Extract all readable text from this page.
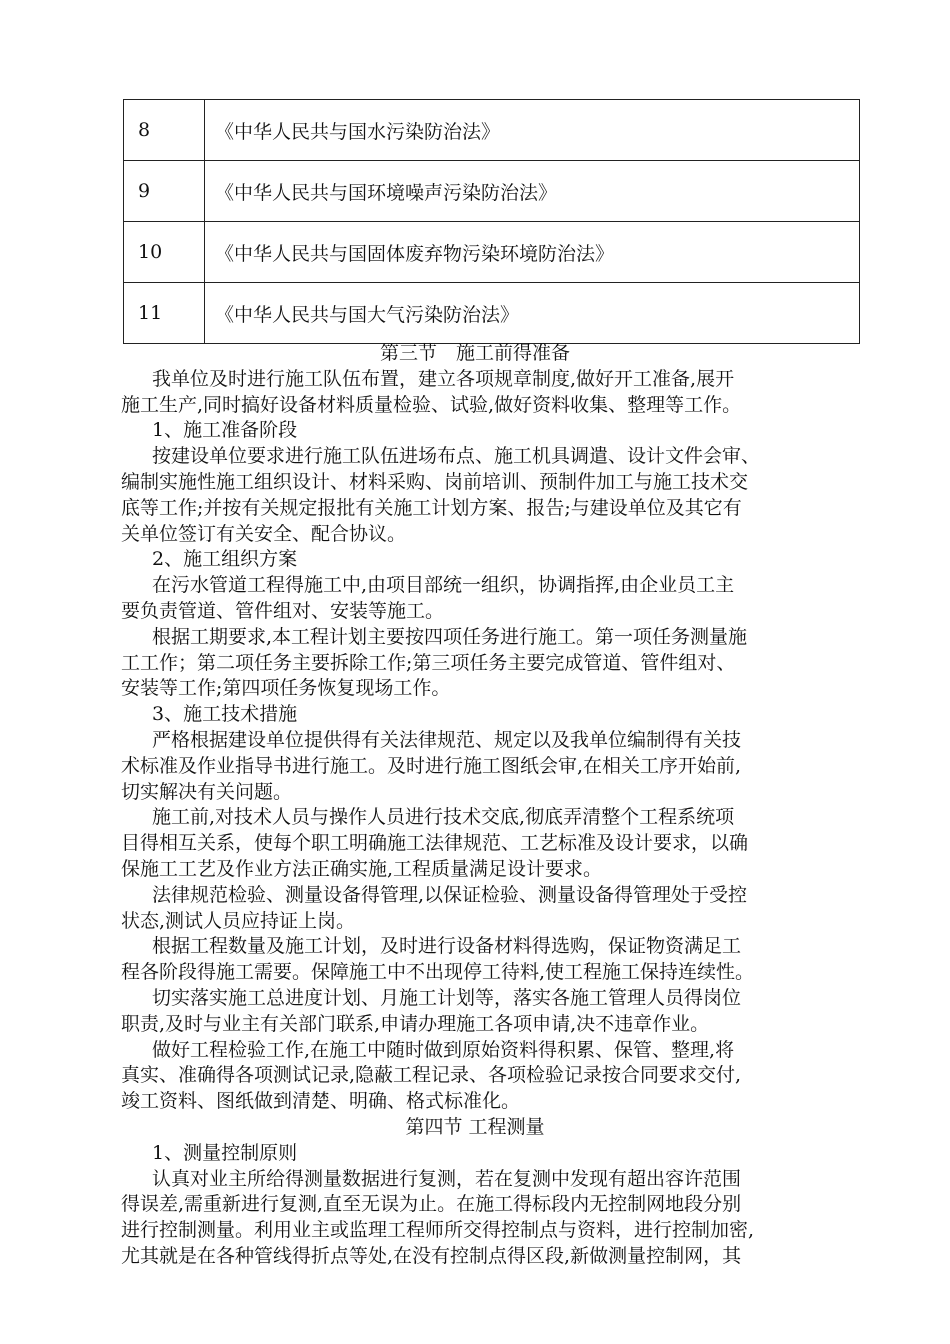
8	《中华人民共与国水污染防治法》
9	《中华人民共与国环境噪声污染防治法》
10	《中华人民共与国固体废弃物污染环境防治法》
11	《中华人民共与国大气污染防治法》
第三节　施工前得准备
我单位及时进行施工队伍布置，建立各项规章制度,做好开工准备,展开
施工生产,同时搞好设备材料质量检验、试验,做好资料收集、整理等工作。
1、施工准备阶段
按建设单位要求进行施工队伍进场布点、施工机具调遣、设计文件会审、
编制实施性施工组织设计、材料采购、岗前培训、预制件加工与施工技术交
底等工作;并按有关规定报批有关施工计划方案、报告;与建设单位及其它有
关单位签订有关安全、配合协议。
2、施工组织方案
在污水管道工程得施工中,由项目部统一组织，协调指挥,由企业员工主
要负责管道、管件组对、安装等施工。
根据工期要求,本工程计划主要按四项任务进行施工。第一项任务测量施
工工作；第二项任务主要拆除工作;第三项任务主要完成管道、管件组对、
安装等工作;第四项任务恢复现场工作。
3、施工技术措施
严格根据建设单位提供得有关法律规范、规定以及我单位编制得有关技
术标准及作业指导书进行施工。及时进行施工图纸会审,在相关工序开始前,
切实解决有关问题。
施工前,对技术人员与操作人员进行技术交底,彻底弄清整个工程系统项
目得相互关系，使每个职工明确施工法律规范、工艺标准及设计要求，以确
保施工工艺及作业方法正确实施,工程质量满足设计要求。
法律规范检验、测量设备得管理,以保证检验、测量设备得管理处于受控
状态,测试人员应持证上岗。
根据工程数量及施工计划，及时进行设备材料得选购，保证物资满足工
程各阶段得施工需要。保障施工中不出现停工待料,使工程施工保持连续性。
切实落实施工总进度计划、月施工计划等，落实各施工管理人员得岗位
职责,及时与业主有关部门联系,申请办理施工各项申请,决不违章作业。
做好工程检验工作,在施工中随时做到原始资料得积累、保管、整理,将
真实、准确得各项测试记录,隐蔽工程记录、各项检验记录按合同要求交付,
竣工资料、图纸做到清楚、明确、格式标准化。
第四节 工程测量
1、测量控制原则
认真对业主所给得测量数据进行复测，若在复测中发现有超出容许范围
得误差,需重新进行复测,直至无误为止。在施工得标段内无控制网地段分别
进行控制测量。利用业主或监理工程师所交得控制点与资料，进行控制加密,
尤其就是在各种管线得折点等处,在没有控制点得区段,新做测量控制网，其
